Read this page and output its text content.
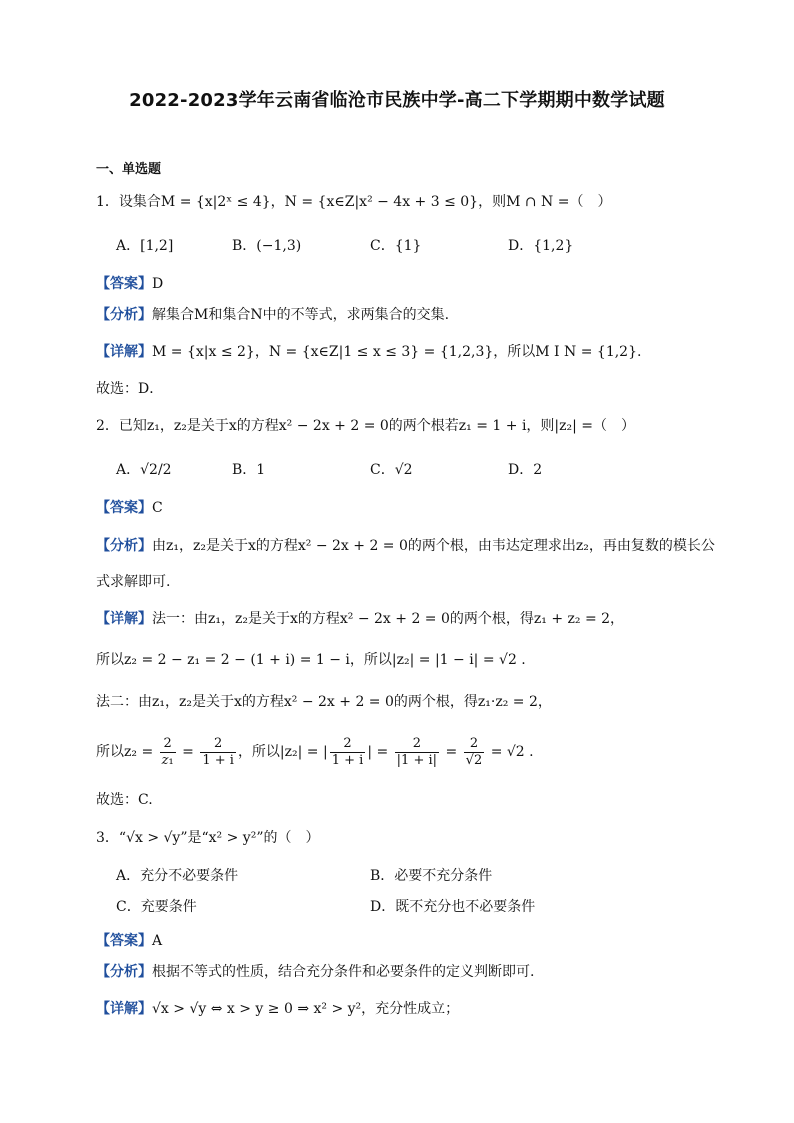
2022-2023学年云南省临沧市民族中学-高二下学期期中数学试题
一、单选题
1．设集合M = {x|2ˣ ≤ 4}，N = {x∈Z|x² − 4x + 3 ≤ 0}，则M ∩ N =（　）
A．[1,2]	B．(−1,3)	C．{1}	D．{1,2}
【答案】D
【分析】解集合M和集合N中的不等式，求两集合的交集.
【详解】M = {x|x ≤ 2}，N = {x∈Z|1 ≤ x ≤ 3} = {1,2,3}，所以M I N = {1,2}.
故选：D．
2．已知z₁，z₂是关于x的方程x² − 2x + 2 = 0的两个根若z₁ = 1 + i，则|z₂| =（　）
A．√2/2	B．1	C．√2	D．2
【答案】C
【分析】由z₁，z₂是关于x的方程x² − 2x + 2 = 0的两个根，由韦达定理求出z₂，再由复数的模长公
式求解即可.
【详解】法一：由z₁，z₂是关于x的方程x² − 2x + 2 = 0的两个根，得z₁ + z₂ = 2，
所以z₂ = 2 − z₁ = 2 − (1 + i) = 1 − i，所以|z₂| = |1 − i| = √2 .
法二：由z₁，z₂是关于x的方程x² − 2x + 2 = 0的两个根，得z₁·z₂ = 2，
所以$z_2 = \frac{2}{\text{z₁}} = \frac{2}{1 + i}$ ，所以|z₂| = | $\frac{2}{1 + i}$ | = $\frac{2}{|1 + i|} = \frac{2}{√2} = √2$ .
故选：C.
3．“√x > √y”是“x² > y²”的（　）
A．充分不必要条件	B．必要不充分条件
C．充要条件	D．既不充分也不必要条件
【答案】A
【分析】根据不等式的性质，结合充分条件和必要条件的定义判断即可.
【详解】√x > √y ⇔ x > y ≥ 0 ⇒ x² > y²，充分性成立；
